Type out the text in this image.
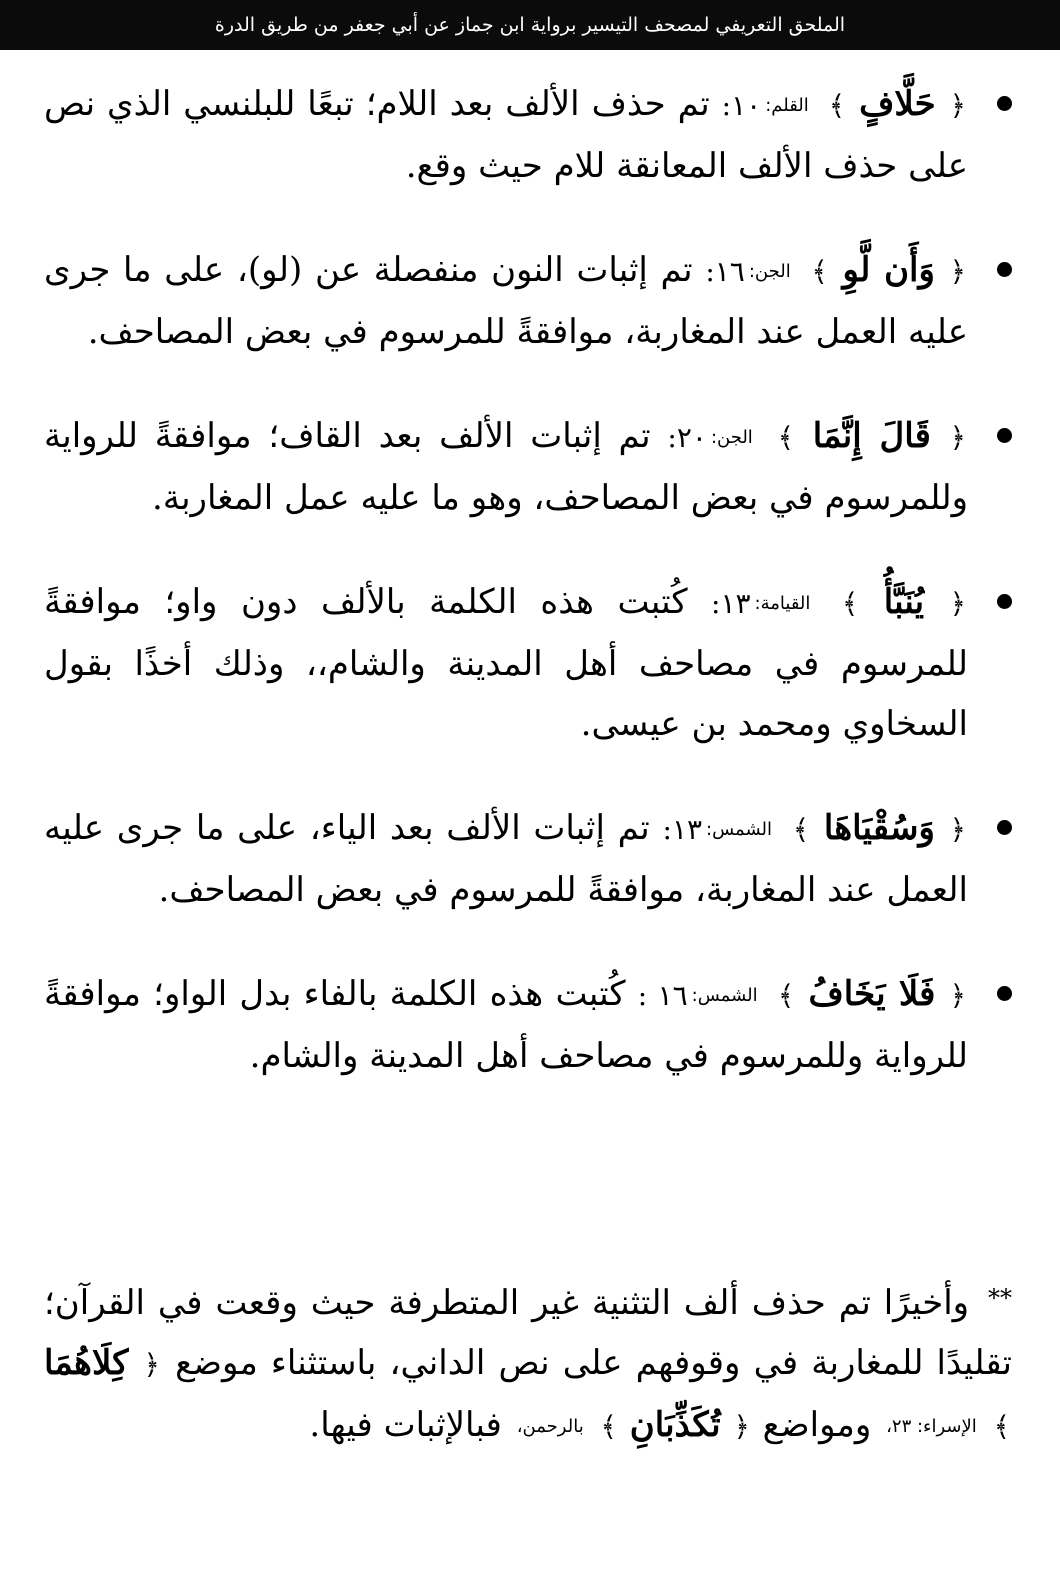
الملحق التعريفي لمصحف التيسير برواية ابن جماز عن أبي جعفر من طريق الدرة
﴿ حَلَّافٍ ﴾ القلم:١٠: تم حذف الألف بعد اللام؛ تبعًا للبلنسي الذي نص على حذف الألف المعانقة للام حيث وقع.
﴿ وَأَن لَّوِ ﴾ الجن:١٦: تم إثبات النون منفصلة عن (لو)، على ما جرى عليه العمل عند المغاربة، موافقةً للمرسوم في بعض المصاحف.
﴿ قَالَ إِنَّمَا ﴾ الجن:٢٠: تم إثبات الألف بعد القاف؛ موافقةً للرواية وللمرسوم في بعض المصاحف، وهو ما عليه عمل المغاربة.
﴿ يُنَبَّأُ ﴾ القيامة:١٣: كُتبت هذه الكلمة بالألف دون واو؛ موافقةً للمرسوم في مصاحف أهل المدينة والشام،، وذلك أخذًا بقول السخاوي ومحمد بن عيسى.
﴿ وَسُقْيَاهَا ﴾ الشمس:١٣: تم إثبات الألف بعد الياء، على ما جرى عليه العمل عند المغاربة، موافقةً للمرسوم في بعض المصاحف.
﴿ فَلَا يَخَافُ ﴾ الشمس:١٦ : كُتبت هذه الكلمة بالفاء بدل الواو؛ موافقةً للرواية وللمرسوم في مصاحف أهل المدينة والشام.
** وأخيرًا تم حذف ألف التثنية غير المتطرفة حيث وقعت في القرآن؛ تقليدًا للمغاربة في وقوفهم على نص الداني، باستثناء موضع ﴿ كِلَاهُمَا ﴾ الإسراء: ٢٣، ومواضع ﴿ تُكَذِّبَانِ ﴾ بالرحمن، فبالإثبات فيها.
